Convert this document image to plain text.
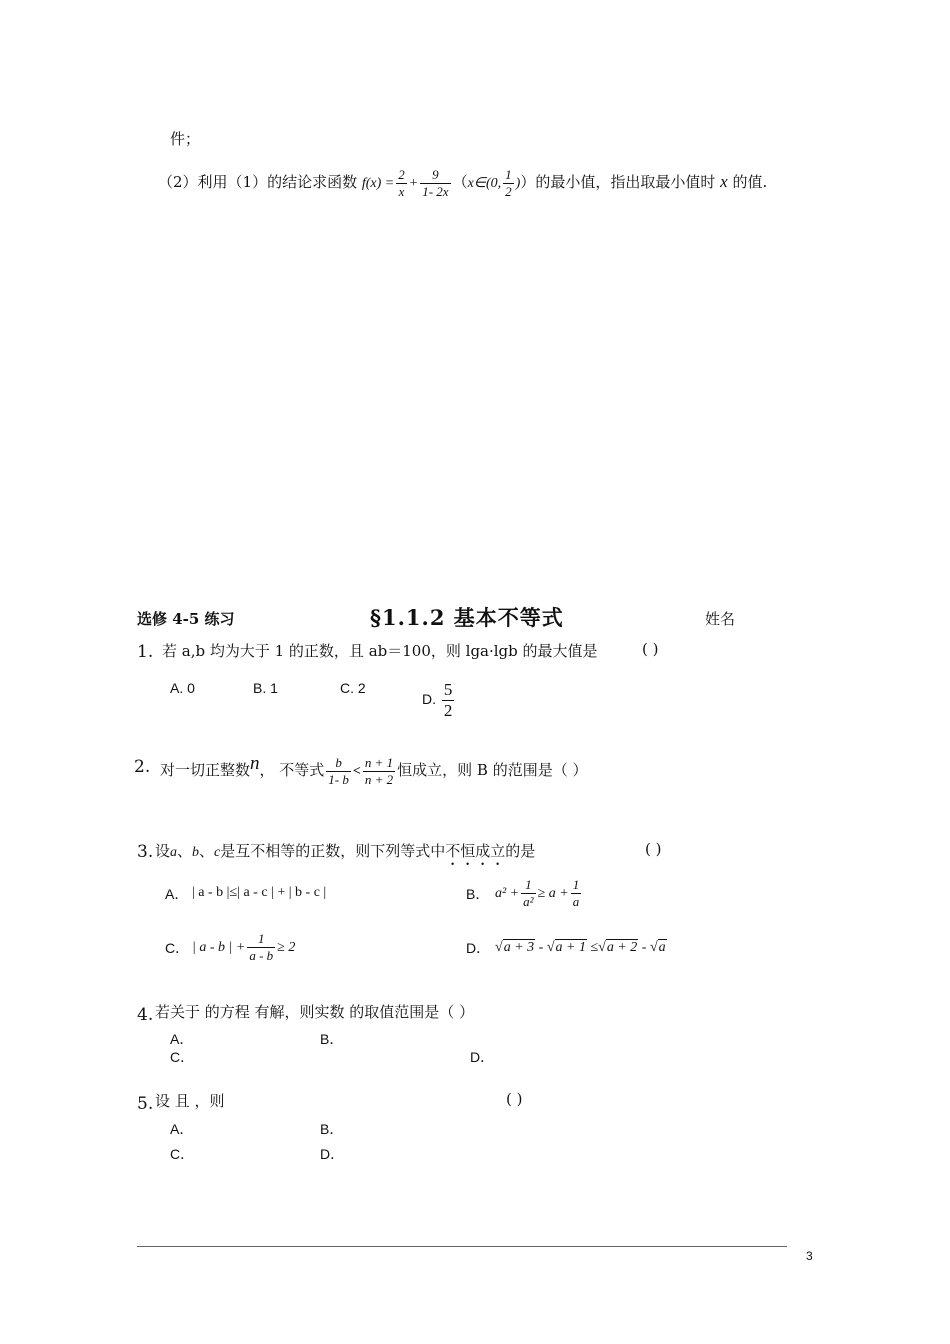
件；
（2）利用（1）的结论求函数 $f(x) = \frac{2}{x} + \frac{9}{1- 2x}$ （x∈(0, $\frac{1}{2}$ )）的最小值，指出取最小值时 x 的值.
选修 4-5 练习	§1.1.2 基本不等式	姓名
1. 若 a,b 均为大于 1 的正数，且 ab＝100，则 lga·lgb 的最大值是	( )
A. 0	B. 1	C. 2
D. $\frac{5}{2}$
2. 对一切正整数n， 不等式 $\frac{b}{1- b} < \frac{n + 1}{n + 2}$ 恒成立，则 B 的范围是（ ）
3. 设a、b、c是互不相等的正数，则下列等式中不恒成立的是	( )
A． | a - b |≤| a - c | + | b - c |	B． $a^2 + \frac{1}{\text{a²}} \ge a + \frac{1}{a}$
C． | a - b | + $\frac{1}{a - b} \ge 2$	D． √a + 3 - √a + 1 ≤√a + 2 - √a
4. 若关于 的方程 有解，则实数 的取值范围是（ ）
A．	B．
C．	D．
5. 设 且 ，则	( )
A．	B．
C．	D．
3
